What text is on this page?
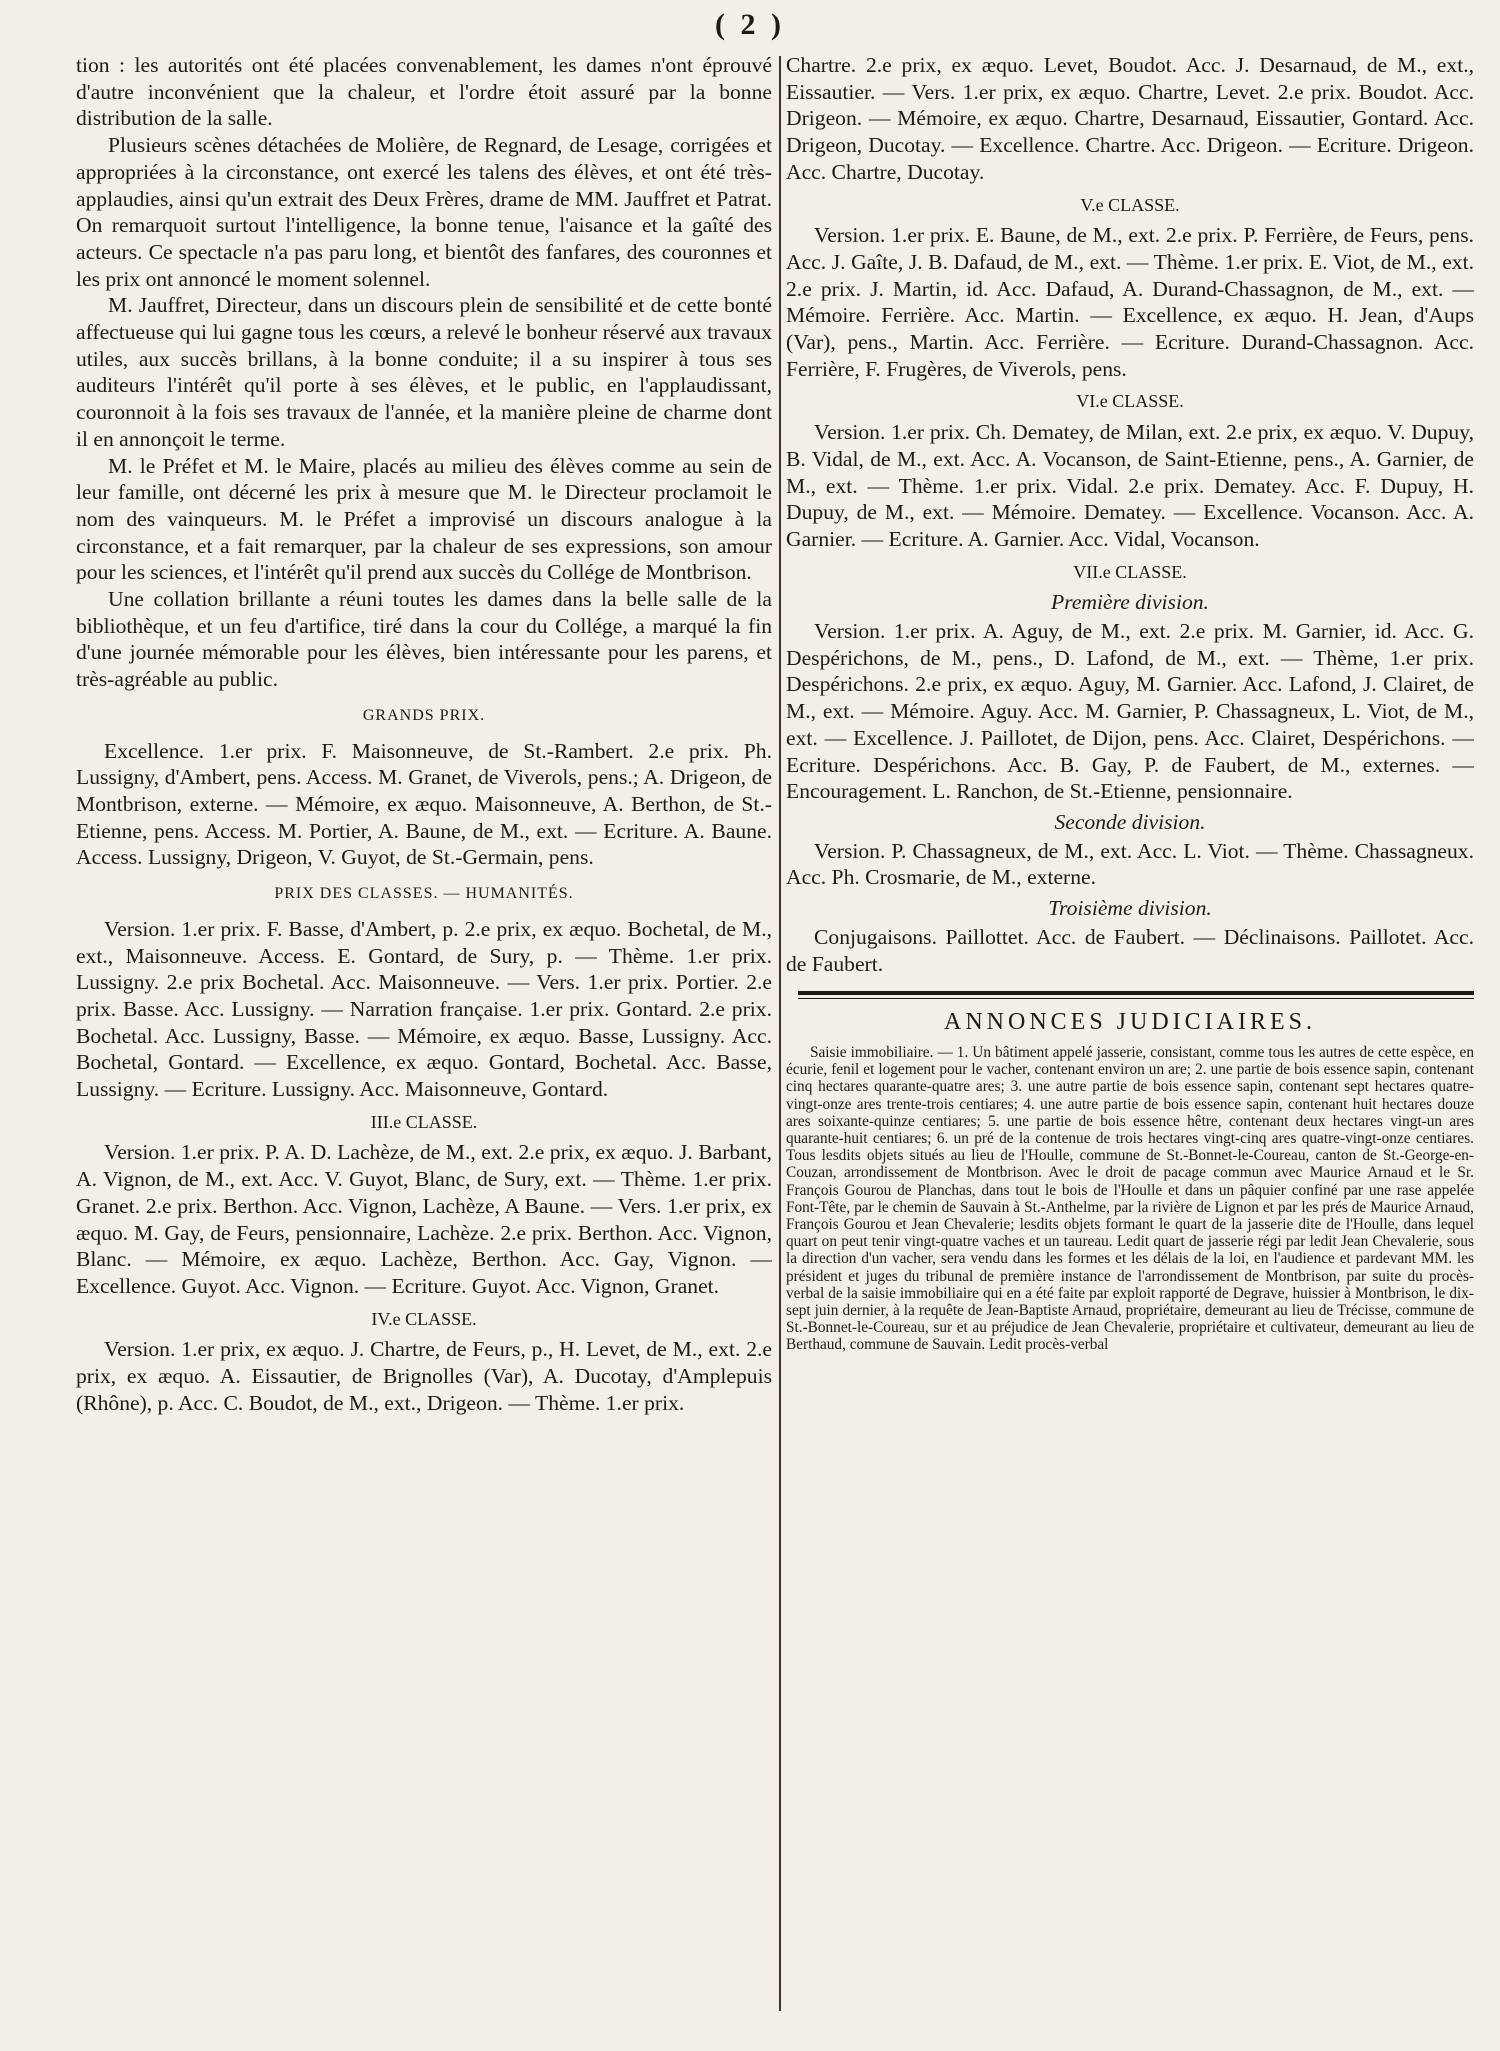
( 2 )

tion : les autorités ont été placées convenablement, les dames n'ont éprouvé d'autre inconvénient que la chaleur, et l'ordre étoit assuré par la bonne distribution de la salle.

Plusieurs scènes détachées de Molière, de Regnard, de Lesage, corrigées et appropriées à la circonstance, ont exercé les talens des élèves, et ont été très-applaudies, ainsi qu'un extrait des Deux Frères, drame de MM. Jauffret et Patrat. On remarquoit surtout l'intelligence, la bonne tenue, l'aisance et la gaîté des acteurs. Ce spectacle n'a pas paru long, et bientôt des fanfares, des couronnes et les prix ont annoncé le moment solennel.

M. Jauffret, Directeur, dans un discours plein de sensibilité et de cette bonté affectueuse qui lui gagne tous les cœurs, a relevé le bonheur réservé aux travaux utiles, aux succès brillans, à la bonne conduite; il a su inspirer à tous ses auditeurs l'intérêt qu'il porte à ses élèves, et le public, en l'applaudissant, couronnoit à la fois ses travaux de l'année, et la manière pleine de charme dont il en annonçoit le terme.

M. le Préfet et M. le Maire, placés au milieu des élèves comme au sein de leur famille, ont décerné les prix à mesure que M. le Directeur proclamoit le nom des vainqueurs. M. le Préfet a improvisé un discours analogue à la circonstance, et a fait remarquer, par la chaleur de ses expressions, son amour pour les sciences, et l'intérêt qu'il prend aux succès du Collége de Montbrison.

Une collation brillante a réuni toutes les dames dans la belle salle de la bibliothèque, et un feu d'artifice, tiré dans la cour du Collége, a marqué la fin d'une journée mémorable pour les élèves, bien intéressante pour les parens, et très-agréable au public.

GRANDS PRIX.

Excellence. 1.er prix. F. Maisonneuve, de St.-Rambert. 2.e prix. Ph. Lussigny, d'Ambert, pens. Access. M. Granet, de Viverols, pens.; A. Drigeon, de Montbrison, externe. — Mémoire, ex æquo. Maisonneuve, A. Berthon, de St.-Etienne, pens. Access. M. Portier, A. Baune, de M., ext. — Ecriture. A. Baune. Access. Lussigny, Drigeon, V. Guyot, de St.-Germain, pens.

PRIX DES CLASSES. — HUMANITÉS.

Version. 1.er prix. F. Basse, d'Ambert, p. 2.e prix, ex æquo. Bochetal, de M., ext., Maisonneuve. Access. E. Gontard, de Sury, p. — Thème. 1.er prix. Lussigny. 2.e prix Bochetal. Acc. Maisonneuve. — Vers. 1.er prix. Portier. 2.e prix. Basse. Acc. Lussigny. — Narration française. 1.er prix. Gontard. 2.e prix. Bochetal. Acc. Lussigny, Basse. — Mémoire, ex æquo. Basse, Lussigny. Acc. Bochetal, Gontard. — Excellence, ex æquo. Gontard, Bochetal. Acc. Basse, Lussigny. — Ecriture. Lussigny. Acc. Maisonneuve, Gontard.

III.e CLASSE.

Version. 1.er prix. P. A. D. Lachèze, de M., ext. 2.e prix, ex æquo. J. Barbant, A. Vignon, de M., ext. Acc. V. Guyot, Blanc, de Sury, ext. — Thème. 1.er prix. Granet. 2.e prix. Berthon. Acc. Vignon, Lachèze, A Baune. — Vers. 1.er prix, ex æquo. M. Gay, de Feurs, pensionnaire, Lachèze. 2.e prix. Berthon. Acc. Vignon, Blanc. — Mémoire, ex æquo. Lachèze, Berthon. Acc. Gay, Vignon. — Excellence. Guyot. Acc. Vignon. — Ecriture. Guyot. Acc. Vignon, Granet.

IV.e CLASSE.

Version. 1.er prix, ex æquo. J. Chartre, de Feurs, p., H. Levet, de M., ext. 2.e prix, ex æquo. A. Eissautier, de Brignolles (Var), A. Ducotay, d'Amplepuis (Rhône), p. Acc. C. Boudot, de M., ext., Drigeon. — Thème. 1.er prix.

Chartre. 2.e prix, ex æquo. Levet, Boudot. Acc. J. Desarnaud, de M., ext., Eissautier. — Vers. 1.er prix, ex æquo. Chartre, Levet. 2.e prix. Boudot. Acc. Drigeon. — Mémoire, ex æquo. Chartre, Desarnaud, Eissautier, Gontard. Acc. Drigeon, Ducotay. — Excellence. Chartre. Acc. Drigeon. — Ecriture. Drigeon. Acc. Chartre, Ducotay.

V.e CLASSE.

Version. 1.er prix. E. Baune, de M., ext. 2.e prix. P. Ferrière, de Feurs, pens. Acc. J. Gaîte, J. B. Dafaud, de M., ext. — Thème. 1.er prix. E. Viot, de M., ext. 2.e prix. J. Martin, id. Acc. Dafaud, A. Durand-Chassagnon, de M., ext. — Mémoire. Ferrière. Acc. Martin. — Excellence, ex æquo. H. Jean, d'Aups (Var), pens., Martin. Acc. Ferrière. — Ecriture. Durand-Chassagnon. Acc. Ferrière, F. Frugères, de Viverols, pens.

VI.e CLASSE.

Version. 1.er prix. Ch. Dematey, de Milan, ext. 2.e prix, ex æquo. V. Dupuy, B. Vidal, de M., ext. Acc. A. Vocanson, de Saint-Etienne, pens., A. Garnier, de M., ext. — Thème. 1.er prix. Vidal. 2.e prix. Dematey. Acc. F. Dupuy, H. Dupuy, de M., ext. — Mémoire. Dematey. — Excellence. Vocanson. Acc. A. Garnier. — Ecriture. A. Garnier. Acc. Vidal, Vocanson.

VII.e CLASSE.
Première division.

Version. 1.er prix. A. Aguy, de M., ext. 2.e prix. M. Garnier, id. Acc. G. Despérichons, de M., pens., D. Lafond, de M., ext. — Thème, 1.er prix. Despérichons. 2.e prix, ex æquo. Aguy, M. Garnier. Acc. Lafond, J. Clairet, de M., ext. — Mémoire. Aguy. Acc. M. Garnier, P. Chassagneux, L. Viot, de M., ext. — Excellence. J. Paillotet, de Dijon, pens. Acc. Clairet, Despérichons. — Ecriture. Despérichons. Acc. B. Gay, P. de Faubert, de M., externes. — Encouragement. L. Ranchon, de St.-Etienne, pensionnaire.

Seconde division.

Version. P. Chassagneux, de M., ext. Acc. L. Viot. — Thème. Chassagneux. Acc. Ph. Crosmarie, de M., externe.

Troisième division.

Conjugaisons. Paillottet. Acc. de Faubert. — Déclinaisons. Paillotet. Acc. de Faubert.

ANNONCES JUDICIAIRES.

Saisie immobiliaire. — 1. Un bâtiment appelé jasserie, consistant, comme tous les autres de cette espèce, en écurie, fenil et logement pour le vacher, contenant environ un are; 2. une partie de bois essence sapin, contenant cinq hectares quarante-quatre ares; 3. une autre partie de bois essence sapin, contenant sept hectares quatre-vingt-onze ares trente-trois centiares; 4. une autre partie de bois essence sapin, contenant huit hectares douze ares soixante-quinze centiares; 5. une partie de bois essence hêtre, contenant deux hectares vingt-un ares quarante-huit centiares; 6. un pré de la contenue de trois hectares vingt-cinq ares quatre-vingt-onze centiares. Tous lesdits objets situés au lieu de l'Houlle, commune de St.-Bonnet-le-Coureau, canton de St.-George-en-Couzan, arrondissement de Montbrison. Avec le droit de pacage commun avec Maurice Arnaud et le Sr. François Gourou de Planchas, dans tout le bois de l'Houlle et dans un pâquier confiné par une rase appelée Font-Tête, par le chemin de Sauvain à St.-Anthelme, par la rivière de Lignon et par les prés de Maurice Arnaud, François Gourou et Jean Chevalerie; lesdits objets formant le quart de la jasserie dite de l'Houlle, dans lequel quart on peut tenir vingt-quatre vaches et un taureau. Ledit quart de jasserie régi par ledit Jean Chevalerie, sous la direction d'un vacher, sera vendu dans les formes et les délais de la loi, en l'audience et pardevant MM. les président et juges du tribunal de première instance de l'arrondissement de Montbrison, par suite du procès-verbal de la saisie immobiliaire qui en a été faite par exploit rapporté de Degrave, huissier à Montbrison, le dix-sept juin dernier, à la requête de Jean-Baptiste Arnaud, propriétaire, demeurant au lieu de Trécisse, commune de St.-Bonnet-le-Coureau, sur et au préjudice de Jean Chevalerie, propriétaire et cultivateur, demeurant au lieu de Berthaud, commune de Sauvain. Ledit procès-verbal
